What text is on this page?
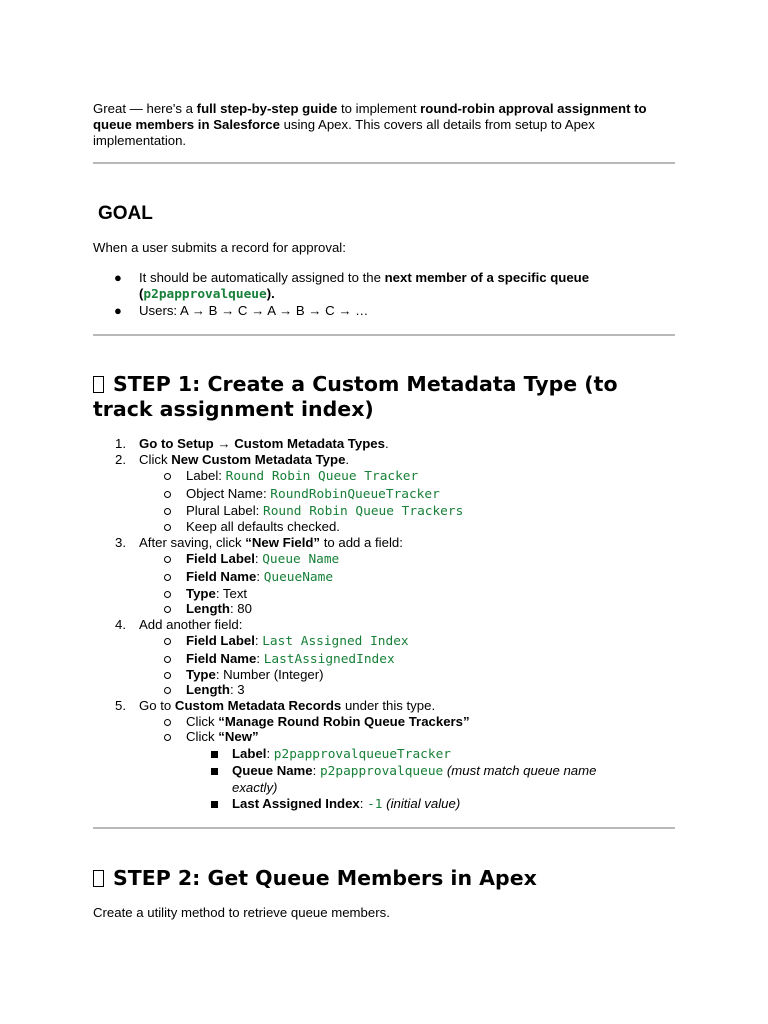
Great — here's a full step-by-step guide to implement round-robin approval assignment to queue members in Salesforce using Apex. This covers all details from setup to Apex implementation.
GOAL
When a user submits a record for approval:
● It should be automatically assigned to the next member of a specific queue
(p2papprovalqueue).
● Users: A → B → C → A → B → C → …
STEP 1: Create a Custom Metadata Type (to track assignment index)
1. Go to Setup → Custom Metadata Types.
2. Click New Custom Metadata Type.
Label: Round Robin Queue Tracker
Object Name: RoundRobinQueueTracker
Plural Label: Round Robin Queue Trackers
Keep all defaults checked.
3. After saving, click “New Field” to add a field:
Field Label: Queue Name
Field Name: QueueName
Type: Text
Length: 80
4. Add another field:
Field Label: Last Assigned Index
Field Name: LastAssignedIndex
Type: Number (Integer)
Length: 3
5. Go to Custom Metadata Records under this type.
Click “Manage Round Robin Queue Trackers”
Click “New”
Label: p2papprovalqueueTracker
Queue Name: p2papprovalqueue (must match queue name exactly)
Last Assigned Index: -1 (initial value)
STEP 2: Get Queue Members in Apex
Create a utility method to retrieve queue members.
